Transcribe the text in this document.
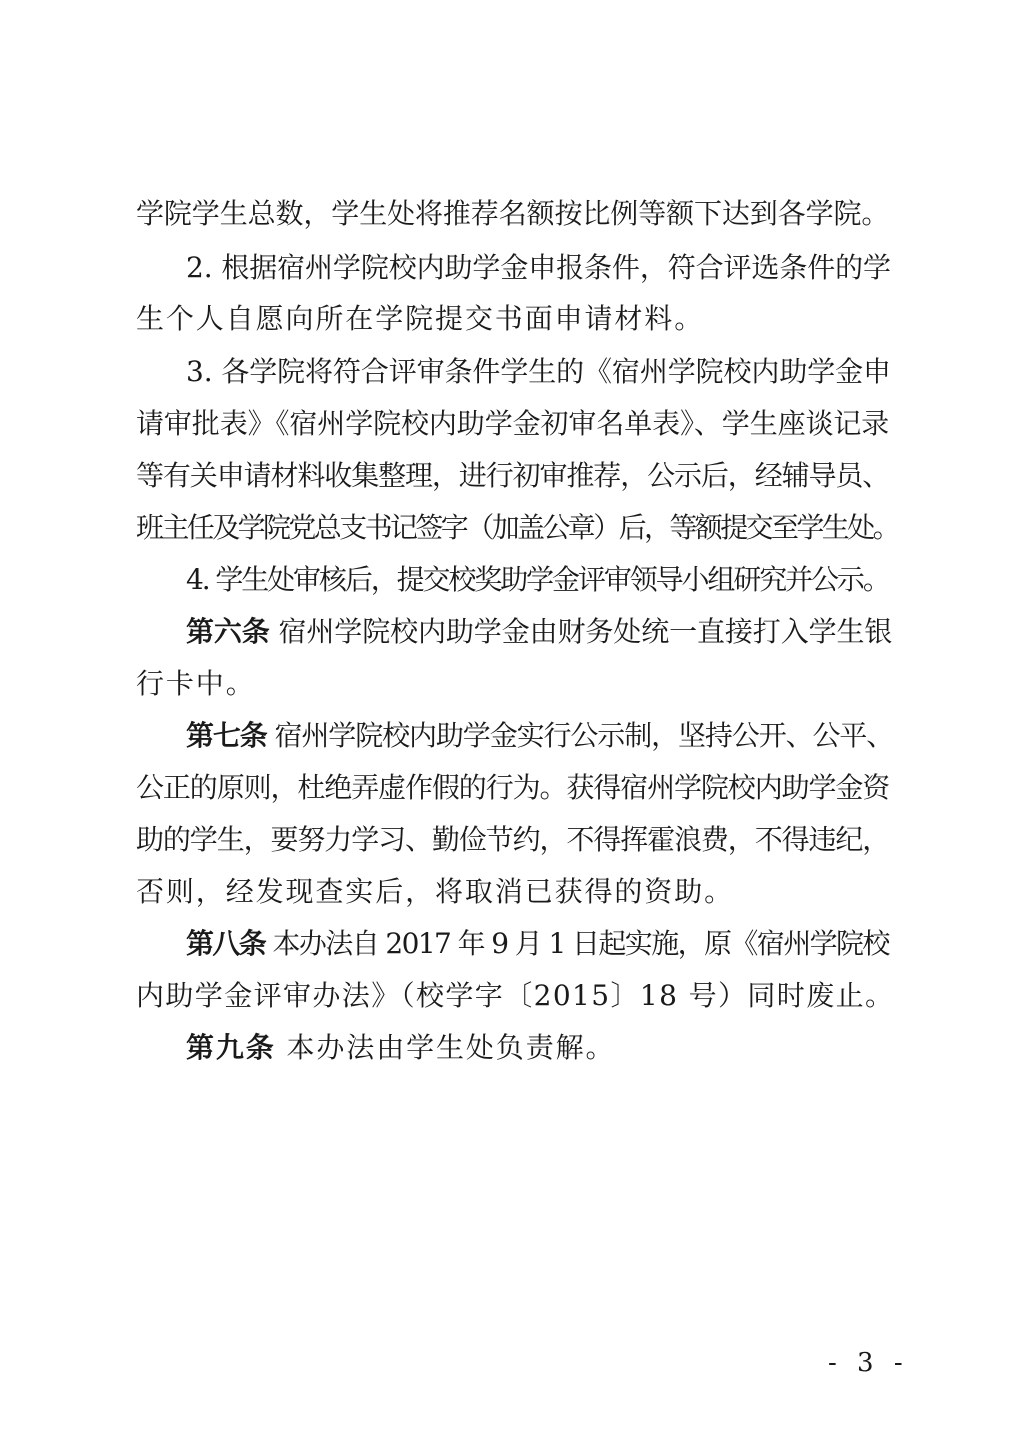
学院学生总数，学生处将推荐名额按比例等额下达到各学院。
2. 根据宿州学院校内助学金申报条件，符合评选条件的学
生个人自愿向所在学院提交书面申请材料。
3. 各学院将符合评审条件学生的《宿州学院校内助学金申
请审批表》《宿州学院校内助学金初审名单表》、学生座谈记录
等有关申请材料收集整理，进行初审推荐，公示后，经辅导员、
班主任及学院党总支书记签字（加盖公章）后，等额提交至学生处。
4. 学生处审核后，提交校奖助学金评审领导小组研究并公示。
第六条 宿州学院校内助学金由财务处统一直接打入学生银
行卡中。
第七条 宿州学院校内助学金实行公示制，坚持公开、公平、
公正的原则，杜绝弄虚作假的行为。获得宿州学院校内助学金资
助的学生，要努力学习、勤俭节约，不得挥霍浪费，不得违纪，
否则，经发现查实后，将取消已获得的资助。
第八条 本办法自 2017 年 9 月 1 日起实施，原《宿州学院校
内助学金评审办法》（校学字〔2015〕18 号）同时废止。
第九条 本办法由学生处负责解。
- 3 -
